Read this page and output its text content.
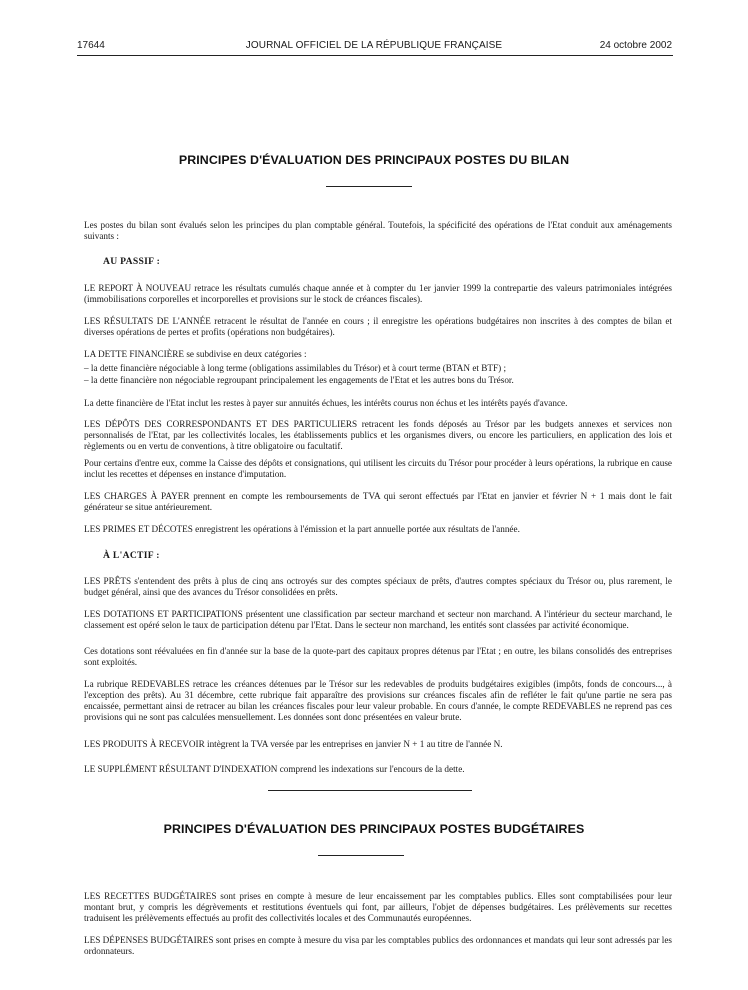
17644	JOURNAL OFFICIEL DE LA RÉPUBLIQUE FRANÇAISE	24 octobre 2002
PRINCIPES D'ÉVALUATION DES PRINCIPAUX POSTES DU BILAN

Les postes du bilan sont évalués selon les principes du plan comptable général. Toutefois, la spécificité des opérations de l'Etat conduit aux aménagements suivants :

AU PASSIF :

LE REPORT À NOUVEAU retrace les résultats cumulés chaque année et à compter du 1er janvier 1999 la contrepartie des valeurs patrimoniales intégrées (immobilisations corporelles et incorporelles et provisions sur le stock de créances fiscales).

LES RÉSULTATS DE L'ANNÉE retracent le résultat de l'année en cours ; il enregistre les opérations budgétaires non inscrites à des comptes de bilan et diverses opérations de pertes et profits (opérations non budgétaires).

LA DETTE FINANCIÈRE se subdivise en deux catégories :

– la dette financière négociable à long terme (obligations assimilables du Trésor) et à court terme (BTAN et BTF) ;

– la dette financière non négociable regroupant principalement les engagements de l'Etat et les autres bons du Trésor.

La dette financière de l'Etat inclut les restes à payer sur annuités échues, les intérêts courus non échus et les intérêts payés d'avance.

LES DÉPÔTS DES CORRESPONDANTS ET DES PARTICULIERS retracent les fonds déposés au Trésor par les budgets annexes et services non personnalisés de l'Etat, par les collectivités locales, les établissements publics et les organismes divers, ou encore les particuliers, en application des lois et règlements ou en vertu de conventions, à titre obligatoire ou facultatif.

Pour certains d'entre eux, comme la Caisse des dépôts et consignations, qui utilisent les circuits du Trésor pour procéder à leurs opérations, la rubrique en cause inclut les recettes et dépenses en instance d'imputation.

LES CHARGES À PAYER prennent en compte les remboursements de TVA qui seront effectués par l'Etat en janvier et février N + 1 mais dont le fait générateur se situe antérieurement.

LES PRIMES ET DÉCOTES enregistrent les opérations à l'émission et la part annuelle portée aux résultats de l'année.

À L'ACTIF :

LES PRÊTS s'entendent des prêts à plus de cinq ans octroyés sur des comptes spéciaux de prêts, d'autres comptes spéciaux du Trésor ou, plus rarement, le budget général, ainsi que des avances du Trésor consolidées en prêts.

LES DOTATIONS ET PARTICIPATIONS présentent une classification par secteur marchand et secteur non marchand. A l'intérieur du secteur marchand, le classement est opéré selon le taux de participation détenu par l'Etat. Dans le secteur non marchand, les entités sont classées par activité économique.

Ces dotations sont réévaluées en fin d'année sur la base de la quote-part des capitaux propres détenus par l'Etat ; en outre, les bilans consolidés des entreprises sont exploités.

La rubrique REDEVABLES retrace les créances détenues par le Trésor sur les redevables de produits budgétaires exigibles (impôts, fonds de concours..., à l'exception des prêts). Au 31 décembre, cette rubrique fait apparaître des provisions sur créances fiscales afin de refléter le fait qu'une partie ne sera pas encaissée, permettant ainsi de retracer au bilan les créances fiscales pour leur valeur probable. En cours d'année, le compte REDEVABLES ne reprend pas ces provisions qui ne sont pas calculées mensuellement. Les données sont donc présentées en valeur brute.

LES PRODUITS À RECEVOIR intègrent la TVA versée par les entreprises en janvier N + 1 au titre de l'année N.

LE SUPPLÉMENT RÉSULTANT D'INDEXATION comprend les indexations sur l'encours de la dette.

PRINCIPES D'ÉVALUATION DES PRINCIPAUX POSTES BUDGÉTAIRES

LES RECETTES BUDGÉTAIRES sont prises en compte à mesure de leur encaissement par les comptables publics. Elles sont comptabilisées pour leur montant brut, y compris les dégrèvements et restitutions éventuels qui font, par ailleurs, l'objet de dépenses budgétaires. Les prélèvements sur recettes traduisent les prélèvements effectués au profit des collectivités locales et des Communautés européennes.

LES DÉPENSES BUDGÉTAIRES sont prises en compte à mesure du visa par les comptables publics des ordonnances et mandats qui leur sont adressés par les ordonnateurs.
